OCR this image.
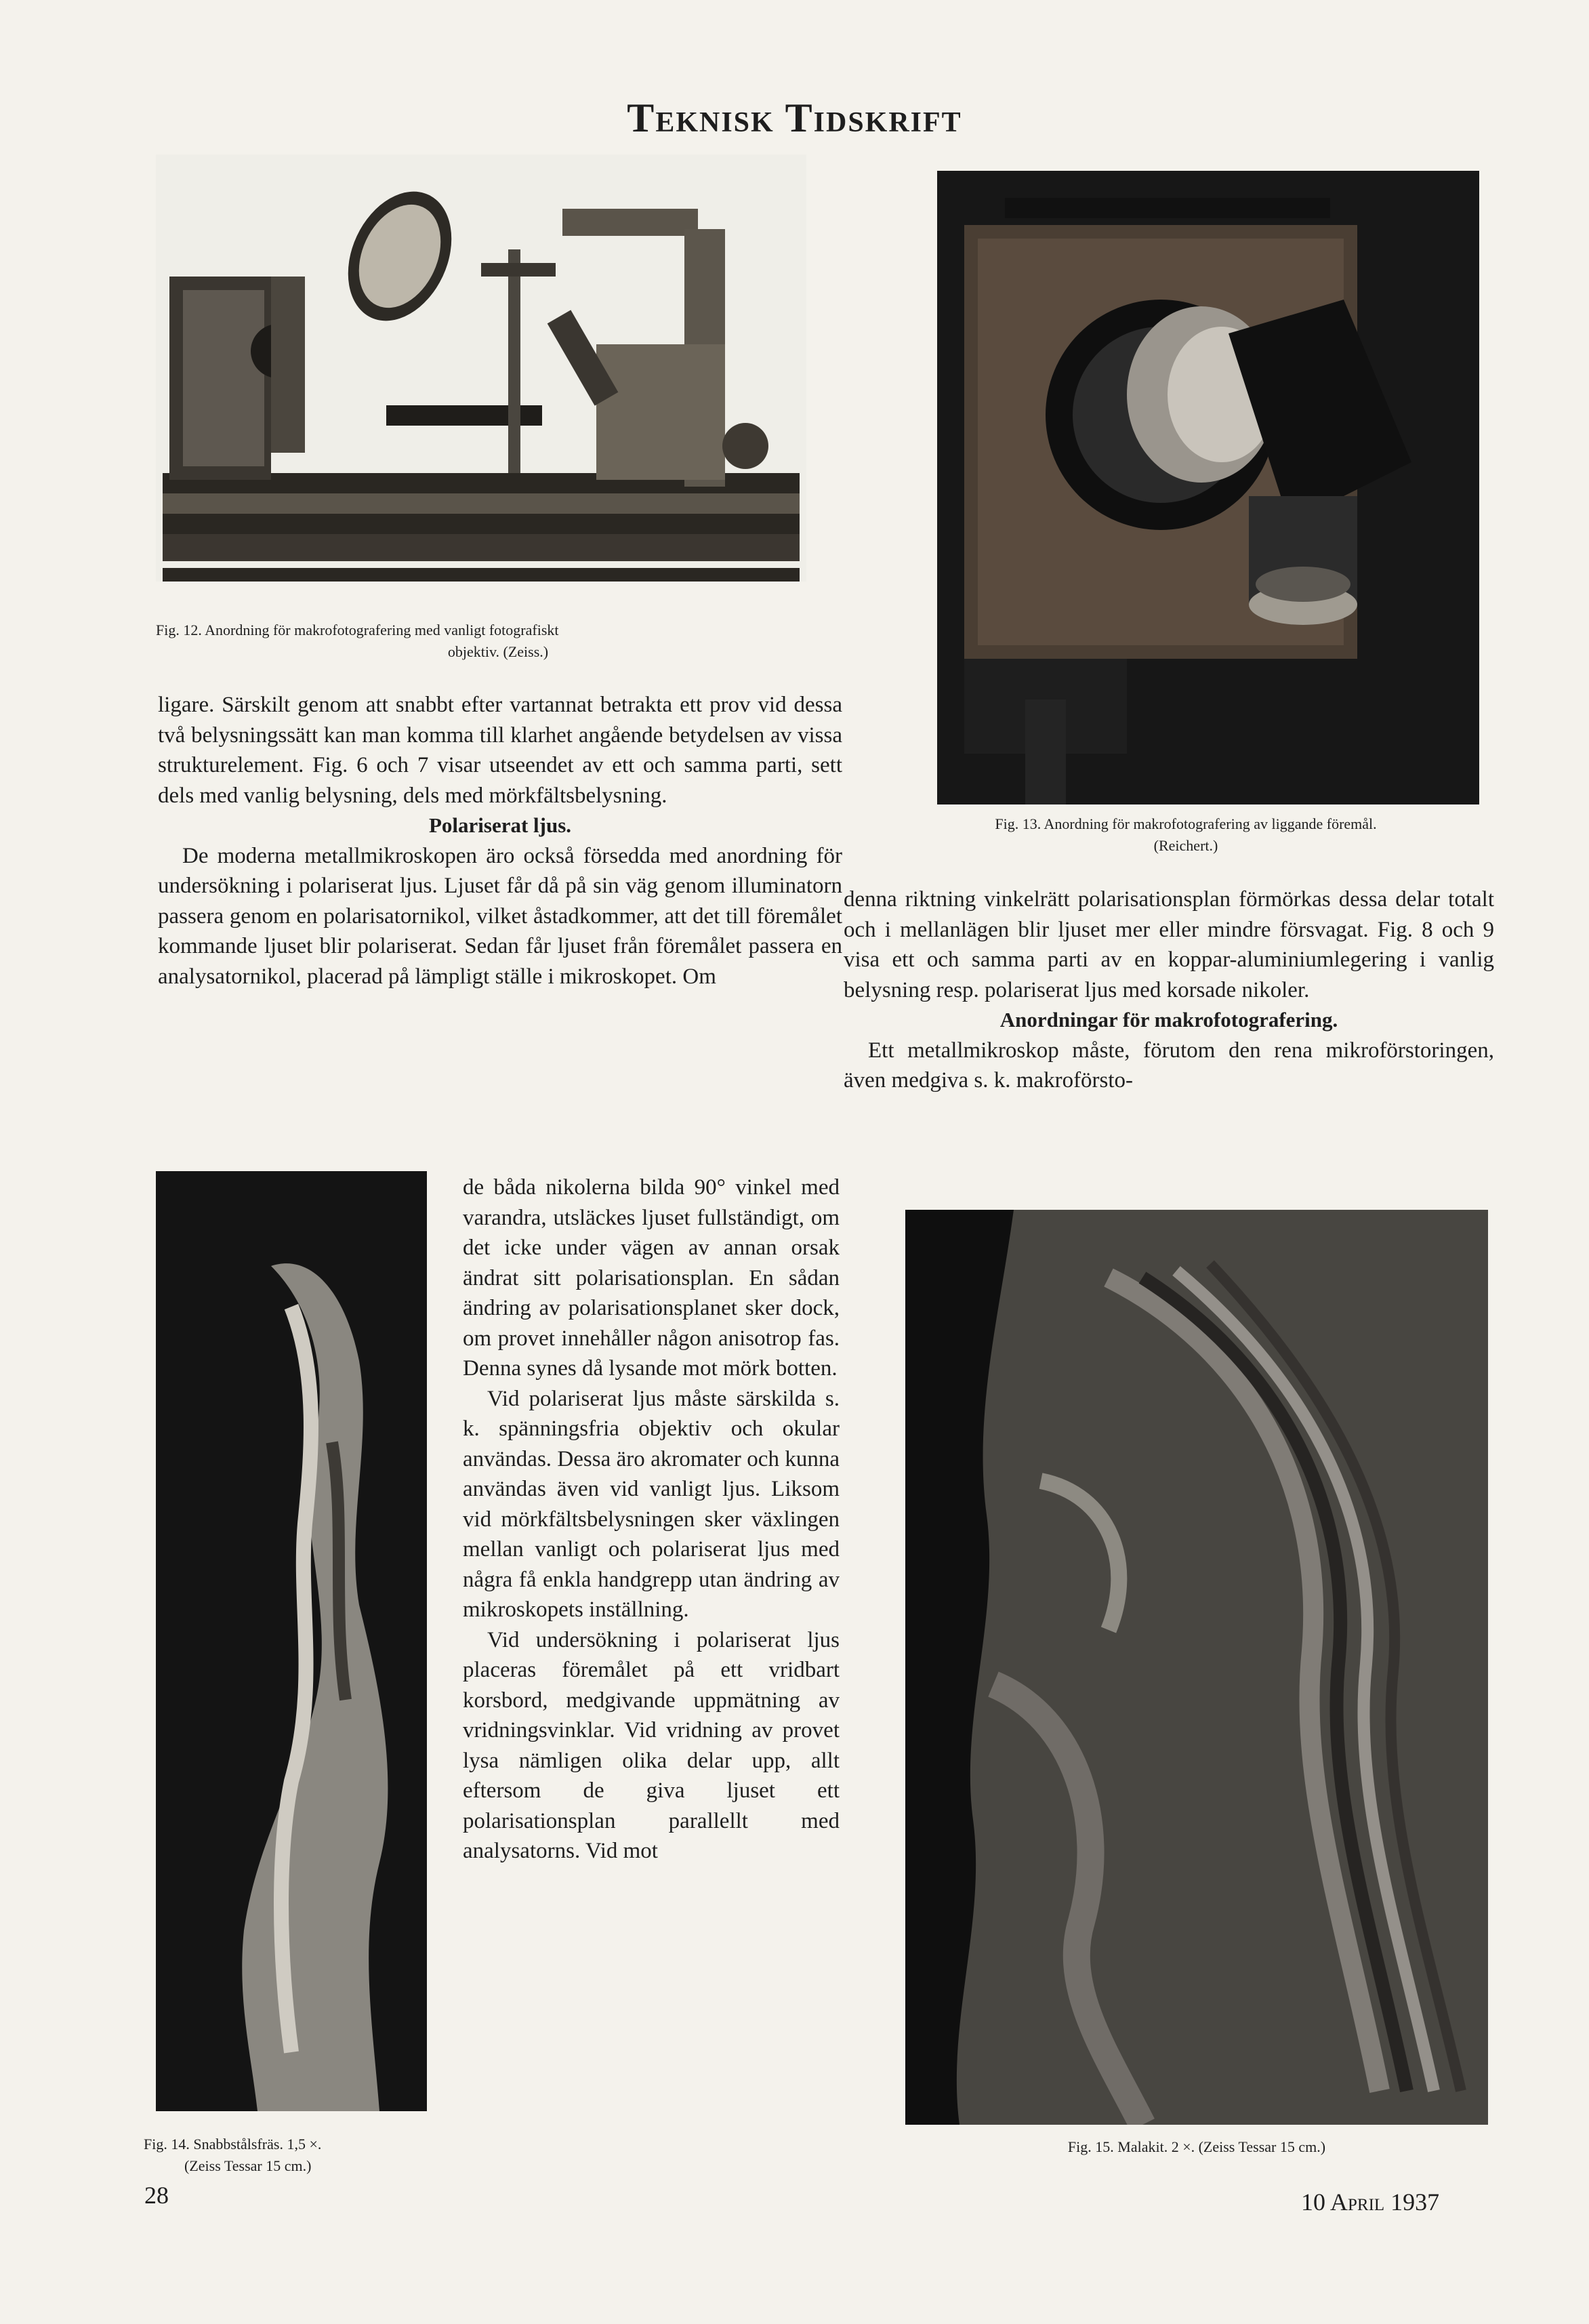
Teknisk Tidskrift
Fig. 12. Anordning för makrofotografering med vanligt fotografiskt
objektiv. (Zeiss.)
Fig. 13. Anordning för makrofotografering av liggande föremål.
(Reichert.)

ligare. Särskilt genom att snabbt efter vartannat betrakta ett prov vid dessa två belysningssätt kan man komma till klarhet angående betydelsen av vissa strukturelement. Fig. 6 och 7 visar utseendet av ett och samma parti, sett dels med vanlig belysning, dels med mörkfältsbelysning.

Polariserat ljus.

De moderna metallmikroskopen äro också försedda med anordning för undersökning i polariserat ljus. Ljuset får då på sin väg genom illuminatorn passera genom en polarisatornikol, vilket åstadkommer, att det till föremålet kommande ljuset blir polariserat. Sedan får ljuset från föremålet passera en analysatornikol, placerad på lämpligt ställe i mikroskopet. Om

Fig. 14. Snabbstålsfräs. 1,5 ×.
(Zeiss Tessar 15 cm.)

de båda nikolerna bilda 90° vinkel med varandra, utsläckes ljuset fullständigt, om det icke under vägen av annan orsak ändrat sitt polarisationsplan. En sådan ändring av polarisationsplanet sker dock, om provet innehåller någon anisotrop fas. Denna synes då lysande mot mörk botten.

Vid polariserat ljus måste särskilda s. k. spänningsfria objektiv och okular användas. Dessa äro akromater och kunna användas även vid vanligt ljus. Liksom vid mörkfältsbelysningen sker växlingen mellan vanligt och polariserat ljus med några få enkla handgrepp utan ändring av mikroskopets inställning.

Vid undersökning i polariserat ljus placeras föremålet på ett vridbart korsbord, medgivande uppmätning av vridningsvinklar. Vid vridning av provet lysa nämligen olika delar upp, allt eftersom de giva ljuset ett polarisationsplan parallellt med analysatorns. Vid mot

denna riktning vinkelrätt polarisationsplan förmörkas dessa delar totalt och i mellanlägen blir ljuset mer eller mindre försvagat. Fig. 8 och 9 visa ett och samma parti av en koppar-aluminiumlegering i vanlig belysning resp. polariserat ljus med korsade nikoler.

Anordningar för makrofotografering.

Ett metallmikroskop måste, förutom den rena mikroförstoringen, även medgiva s. k. makroförsto-

Fig. 15. Malakit. 2 ×. (Zeiss Tessar 15 cm.)
28	10 April 1937
